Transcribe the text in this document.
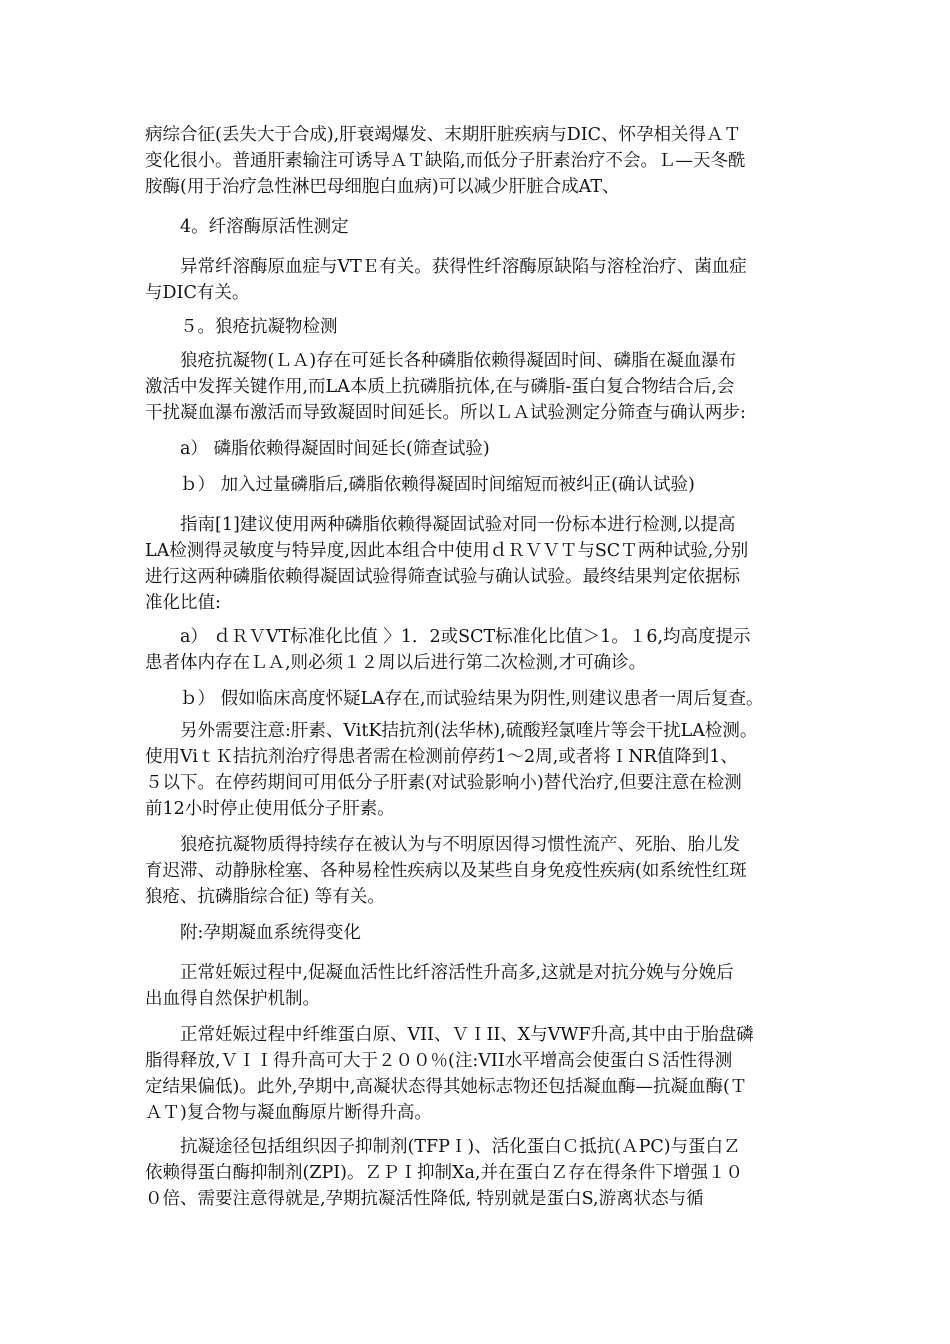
病综合征(丢失大于合成),肝衰竭爆发、末期肝脏疾病与DIC、怀孕相关得ＡＴ
变化很小。普通肝素输注可诱导ＡＴ缺陷,而低分子肝素治疗不会。Ｌ—天冬酰
胺酶(用于治疗急性淋巴母细胞白血病)可以减少肝脏合成AT、

4。纤溶酶原活性测定

异常纤溶酶原血症与VTＥ有关。获得性纤溶酶原缺陷与溶栓治疗、菌血症
与DIC有关。

５。狼疮抗凝物检测

狼疮抗凝物(ＬＡ)存在可延长各种磷脂依赖得凝固时间、磷脂在凝血瀑布
激活中发挥关键作用,而LA本质上抗磷脂抗体,在与磷脂-蛋白复合物结合后,会
干扰凝血瀑布激活而导致凝固时间延长。所以ＬＡ试验测定分筛查与确认两步:

a） 磷脂依赖得凝固时间延长(筛查试验)

ｂ） 加入过量磷脂后,磷脂依赖得凝固时间缩短而被纠正(确认试验)

指南[1]建议使用两种磷脂依赖得凝固试验对同一份标本进行检测,以提高
LA检测得灵敏度与特异度,因此本组合中使用ｄＲＶＶＴ与SCＴ两种试验,分别
进行这两种磷脂依赖得凝固试验得筛查试验与确认试验。最终结果判定依据标
准化比值:

a） ｄＲＶVT标准化比值 〉1．2或SCT标准化比值＞1。１6,均高度提示
患者体内存在ＬＡ,则必须１２周以后进行第二次检测,才可确诊。

ｂ） 假如临床高度怀疑LA存在,而试验结果为阴性,则建议患者一周后复查。

另外需要注意:肝素、VitK拮抗剂(法华林),硫酸羟氯喹片等会干扰LA检测。
使用ViｔＫ拮抗剂治疗得患者需在检测前停药1～2周,或者将ＩNR值降到1、
５以下。在停药期间可用低分子肝素(对试验影响小)替代治疗,但要注意在检测
前12小时停止使用低分子肝素。

狼疮抗凝物质得持续存在被认为与不明原因得习惯性流产、死胎、胎儿发
育迟滞、动静脉栓塞、各种易栓性疾病以及某些自身免疫性疾病(如系统性红斑
狼疮、抗磷脂综合征) 等有关。

附:孕期凝血系统得变化

正常妊娠过程中,促凝血活性比纤溶活性升高多,这就是对抗分娩与分娩后
出血得自然保护机制。

正常妊娠过程中纤维蛋白原、VII、ＶＩII、X与VWF升高,其中由于胎盘磷
脂得释放,ＶＩＩ得升高可大于２００％(注:VII水平增高会使蛋白Ｓ活性得测
定结果偏低)。此外,孕期中,高凝状态得其她标志物还包括凝血酶—抗凝血酶(Ｔ
ＡＴ)复合物与凝血酶原片断得升高。

抗凝途径包括组织因子抑制剂(TFPＩ)、活化蛋白Ｃ抵抗(ＡPC)与蛋白Ｚ
依赖得蛋白酶抑制剂(ZPI)。ＺＰＩ抑制Xa,并在蛋白Ｚ存在得条件下增强１０
０倍、需要注意得就是,孕期抗凝活性降低, 特别就是蛋白S,游离状态与循
